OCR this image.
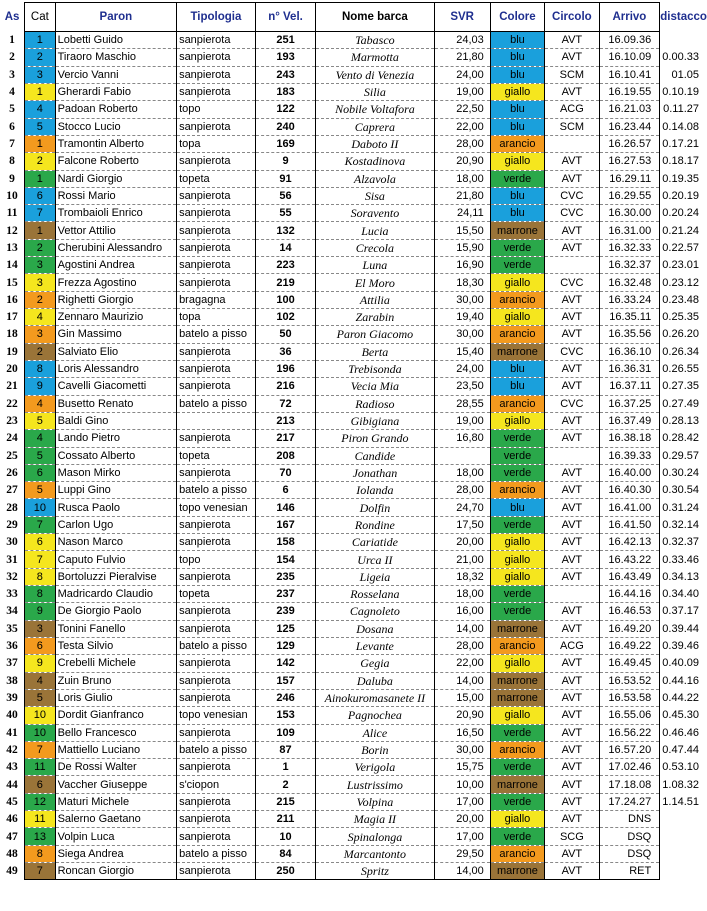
As	Cat	Paron	Tipologia	n° Vel.	Nome barca	SVR	Colore	Circolo	Arrivo	distacco
1	1	Lobetti Guido	sanpierota	251	Tabasco	24,03	blu	AVT	16.09.36	
2	2	Tiraoro Maschio	sanpierota	193	Marmotta	21,80	blu	AVT	16.10.09	0.00.33
3	3	Vercio Vanni	sanpierota	243	Vento di Venezia	24,00	blu	SCM	16.10.41	01.05
4	1	Gherardi Fabio	sanpierota	183	Silia	19,00	giallo	AVT	16.19.55	0.10.19
5	4	Padoan Roberto	topo	122	Nobile Voltafora	22,50	blu	ACG	16.21.03	0.11.27
6	5	Stocco Lucio	sanpierota	240	Caprera	22,00	blu	SCM	16.23.44	0.14.08
7	1	Tramontin Alberto	topa	169	Daboto II	28,00	arancio		16.26.57	0.17.21
8	2	Falcone Roberto	sanpierota	9	Kostadinova	20,90	giallo	AVT	16.27.53	0.18.17
9	1	Nardi Giorgio	topeta	91	Alzavola	18,00	verde	AVT	16.29.11	0.19.35
10	6	Rossi Mario	sanpierota	56	Sisa	21,80	blu	CVC	16.29.55	0.20.19
11	7	Trombaioli Enrico	sanpierota	55	Soravento	24,11	blu	CVC	16.30.00	0.20.24
12	1	Vettor Attilio	sanpierota	132	Lucia	15,50	marrone	AVT	16.31.00	0.21.24
13	2	Cherubini Alessandro	sanpierota	14	Crecola	15,90	verde	AVT	16.32.33	0.22.57
14	3	Agostini Andrea	sanpierota	223	Luna	16,90	verde		16.32.37	0.23.01
15	3	Frezza Agostino	sanpierota	219	El Moro	18,30	giallo	CVC	16.32.48	0.23.12
16	2	Righetti Giorgio	bragagna	100	Attilia	30,00	arancio	AVT	16.33.24	0.23.48
17	4	Zennaro Maurizio	topa	102	Zarabin	19,40	giallo	AVT	16.35.11	0.25.35
18	3	Gin Massimo	batelo a pisso	50	Paron Giacomo	30,00	arancio	AVT	16.35.56	0.26.20
19	2	Salviato Elio	sanpierota	36	Berta	15,40	marrone	CVC	16.36.10	0.26.34
20	8	Loris Alessandro	sanpierota	196	Trebisonda	24,00	blu	AVT	16.36.31	0.26.55
21	9	Cavelli Giacometti	sanpierota	216	Vecia Mia	23,50	blu	AVT	16.37.11	0.27.35
22	4	Busetto Renato	batelo a pisso	72	Radioso	28,55	arancio	CVC	16.37.25	0.27.49
23	5	Baldi Gino		213	Gibigiana	19,00	giallo	AVT	16.37.49	0.28.13
24	4	Lando Pietro	sanpierota	217	Piron Grando	16,80	verde	AVT	16.38.18	0.28.42
25	5	Cossato Alberto	topeta	208	Candide		verde		16.39.33	0.29.57
26	6	Mason Mirko	sanpierota	70	Jonathan	18,00	verde	AVT	16.40.00	0.30.24
27	5	Luppi Gino	batelo a pisso	6	Iolanda	28,00	arancio	AVT	16.40.30	0.30.54
28	10	Rusca Paolo	topo venesian	146	Dolfin	24,70	blu	AVT	16.41.00	0.31.24
29	7	Carlon Ugo	sanpierota	167	Rondine	17,50	verde	AVT	16.41.50	0.32.14
30	6	Nason Marco	sanpierota	158	Cariatide	20,00	giallo	AVT	16.42.13	0.32.37
31	7	Caputo Fulvio	topo	154	Urca II	21,00	giallo	AVT	16.43.22	0.33.46
32	8	Bortoluzzi Pieralvise	sanpierota	235	Ligeia	18,32	giallo	AVT	16.43.49	0.34.13
33	8	Madricardo Claudio	topeta	237	Rosselana	18,00	verde		16.44.16	0.34.40
34	9	De Giorgio Paolo	sanpierota	239	Cagnoleto	16,00	verde	AVT	16.46.53	0.37.17
35	3	Tonini Fanello	sanpierota	125	Dosana	14,00	marrone	AVT	16.49.20	0.39.44
36	6	Testa Silvio	batelo a pisso	129	Levante	28,00	arancio	ACG	16.49.22	0.39.46
37	9	Crebelli Michele	sanpierota	142	Gegia	22,00	giallo	AVT	16.49.45	0.40.09
38	4	Zuin Bruno	sanpierota	157	Daluba	14,00	marrone	AVT	16.53.52	0.44.16
39	5	Loris Giulio	sanpierota	246	Ainokuromasanete II	15,00	marrone	AVT	16.53.58	0.44.22
40	10	Dordit Gianfranco	topo venesian	153	Pagnochea	20,90	giallo	AVT	16.55.06	0.45.30
41	10	Bello Francesco	sanpierota	109	Alice	16,50	verde	AVT	16.56.22	0.46.46
42	7	Mattiello Luciano	batelo a pisso	87	Borin	30,00	arancio	AVT	16.57.20	0.47.44
43	11	De Rossi Walter	sanpierota	1	Verigola	15,75	verde	AVT	17.02.46	0.53.10
44	6	Vaccher Giuseppe	s'ciopon	2	Lustrissimo	10,00	marrone	AVT	17.18.08	1.08.32
45	12	Maturi Michele	sanpierota	215	Volpina	17,00	verde	AVT	17.24.27	1.14.51
46	11	Salerno Gaetano	sanpierota	211	Magia II	20,00	giallo	AVT	DNS	
47	13	Volpin Luca	sanpierota	10	Spinalonga	17,00	verde	SCG	DSQ	
48	8	Siega Andrea	batelo a pisso	84	Marcantonto	29,50	arancio	AVT	DSQ	
49	7	Roncan Giorgio	sanpierota	250	Spritz	14,00	marrone	AVT	RET	
